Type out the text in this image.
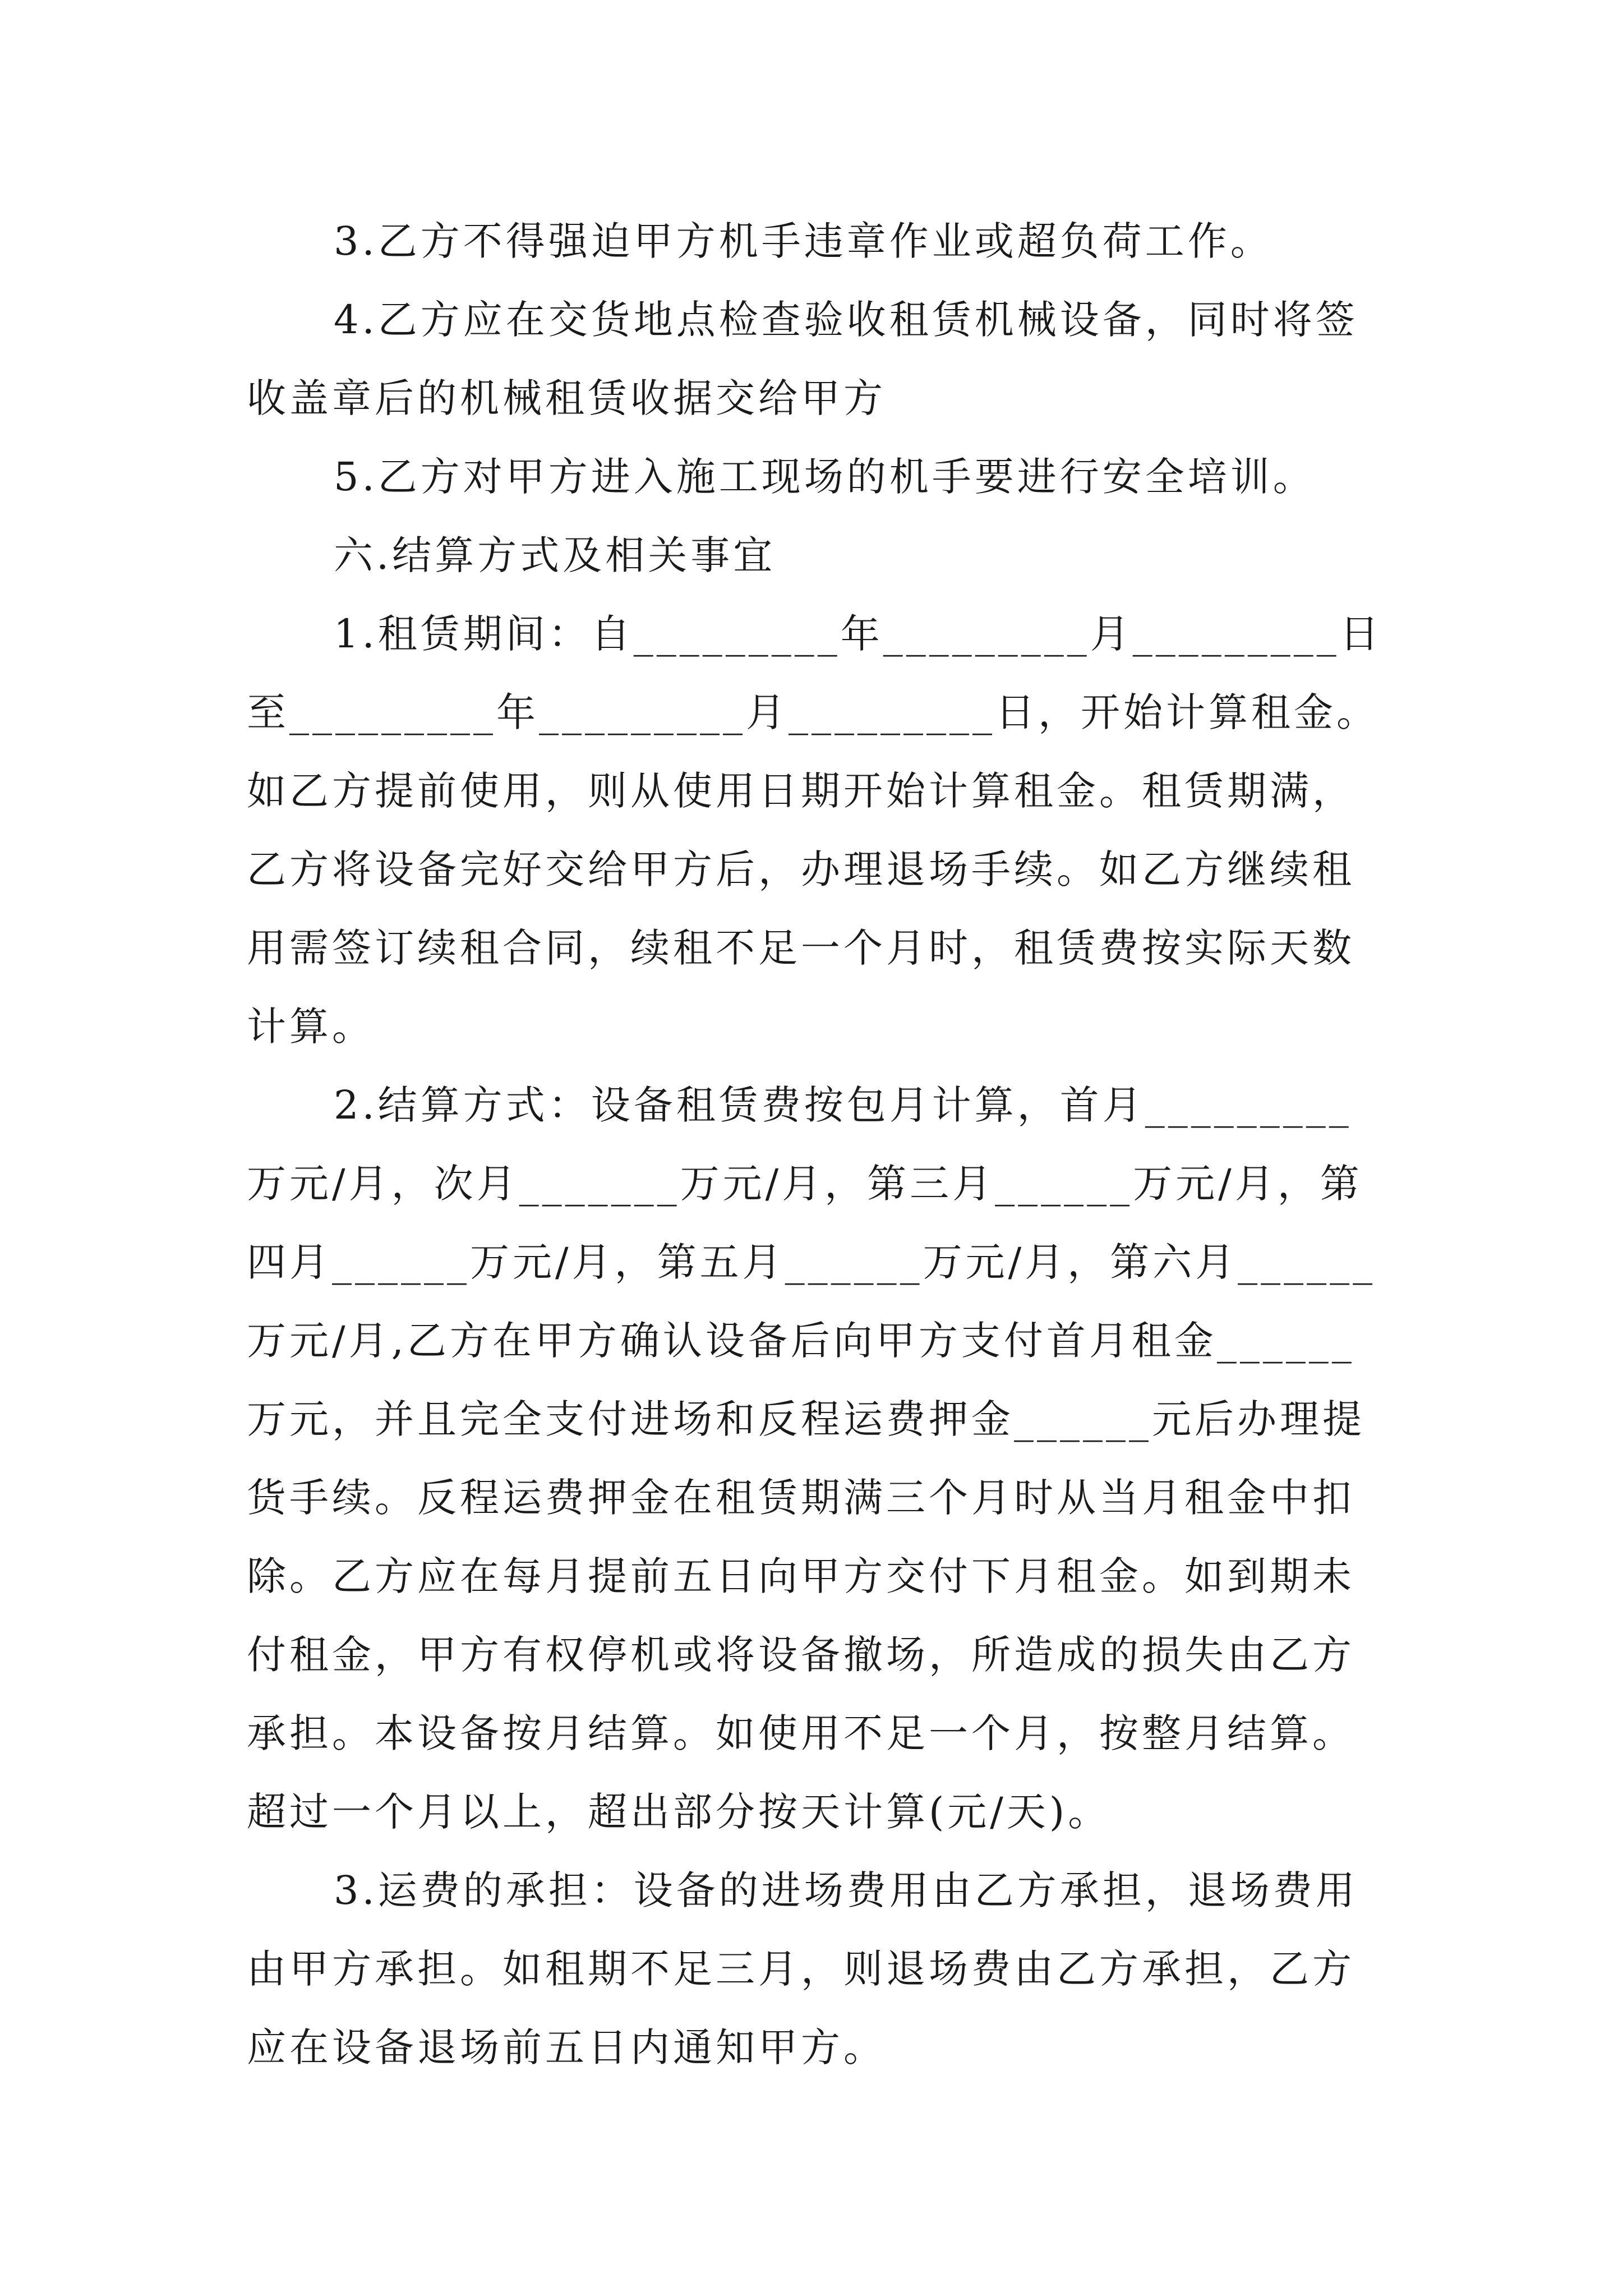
3.乙方不得强迫甲方机手违章作业或超负荷工作。
4.乙方应在交货地点检查验收租赁机械设备，同时将签
收盖章后的机械租赁收据交给甲方
5.乙方对甲方进入施工现场的机手要进行安全培训。
六.结算方式及相关事宜
1.租赁期间：自_________年_________月_________日
至_________年_________月_________日，开始计算租金。
如乙方提前使用，则从使用日期开始计算租金。租赁期满，
乙方将设备完好交给甲方后，办理退场手续。如乙方继续租
用需签订续租合同，续租不足一个月时，租赁费按实际天数
计算。
2.结算方式：设备租赁费按包月计算，首月_________
万元/月，次月_______万元/月，第三月______万元/月，第
四月______万元/月，第五月______万元/月，第六月______
万元/月,乙方在甲方确认设备后向甲方支付首月租金______
万元，并且完全支付进场和反程运费押金______元后办理提
货手续。反程运费押金在租赁期满三个月时从当月租金中扣
除。乙方应在每月提前五日向甲方交付下月租金。如到期未
付租金，甲方有权停机或将设备撤场，所造成的损失由乙方
承担。本设备按月结算。如使用不足一个月，按整月结算。
超过一个月以上，超出部分按天计算(元/天)。
3.运费的承担：设备的进场费用由乙方承担，退场费用
由甲方承担。如租期不足三月，则退场费由乙方承担，乙方
应在设备退场前五日内通知甲方。
